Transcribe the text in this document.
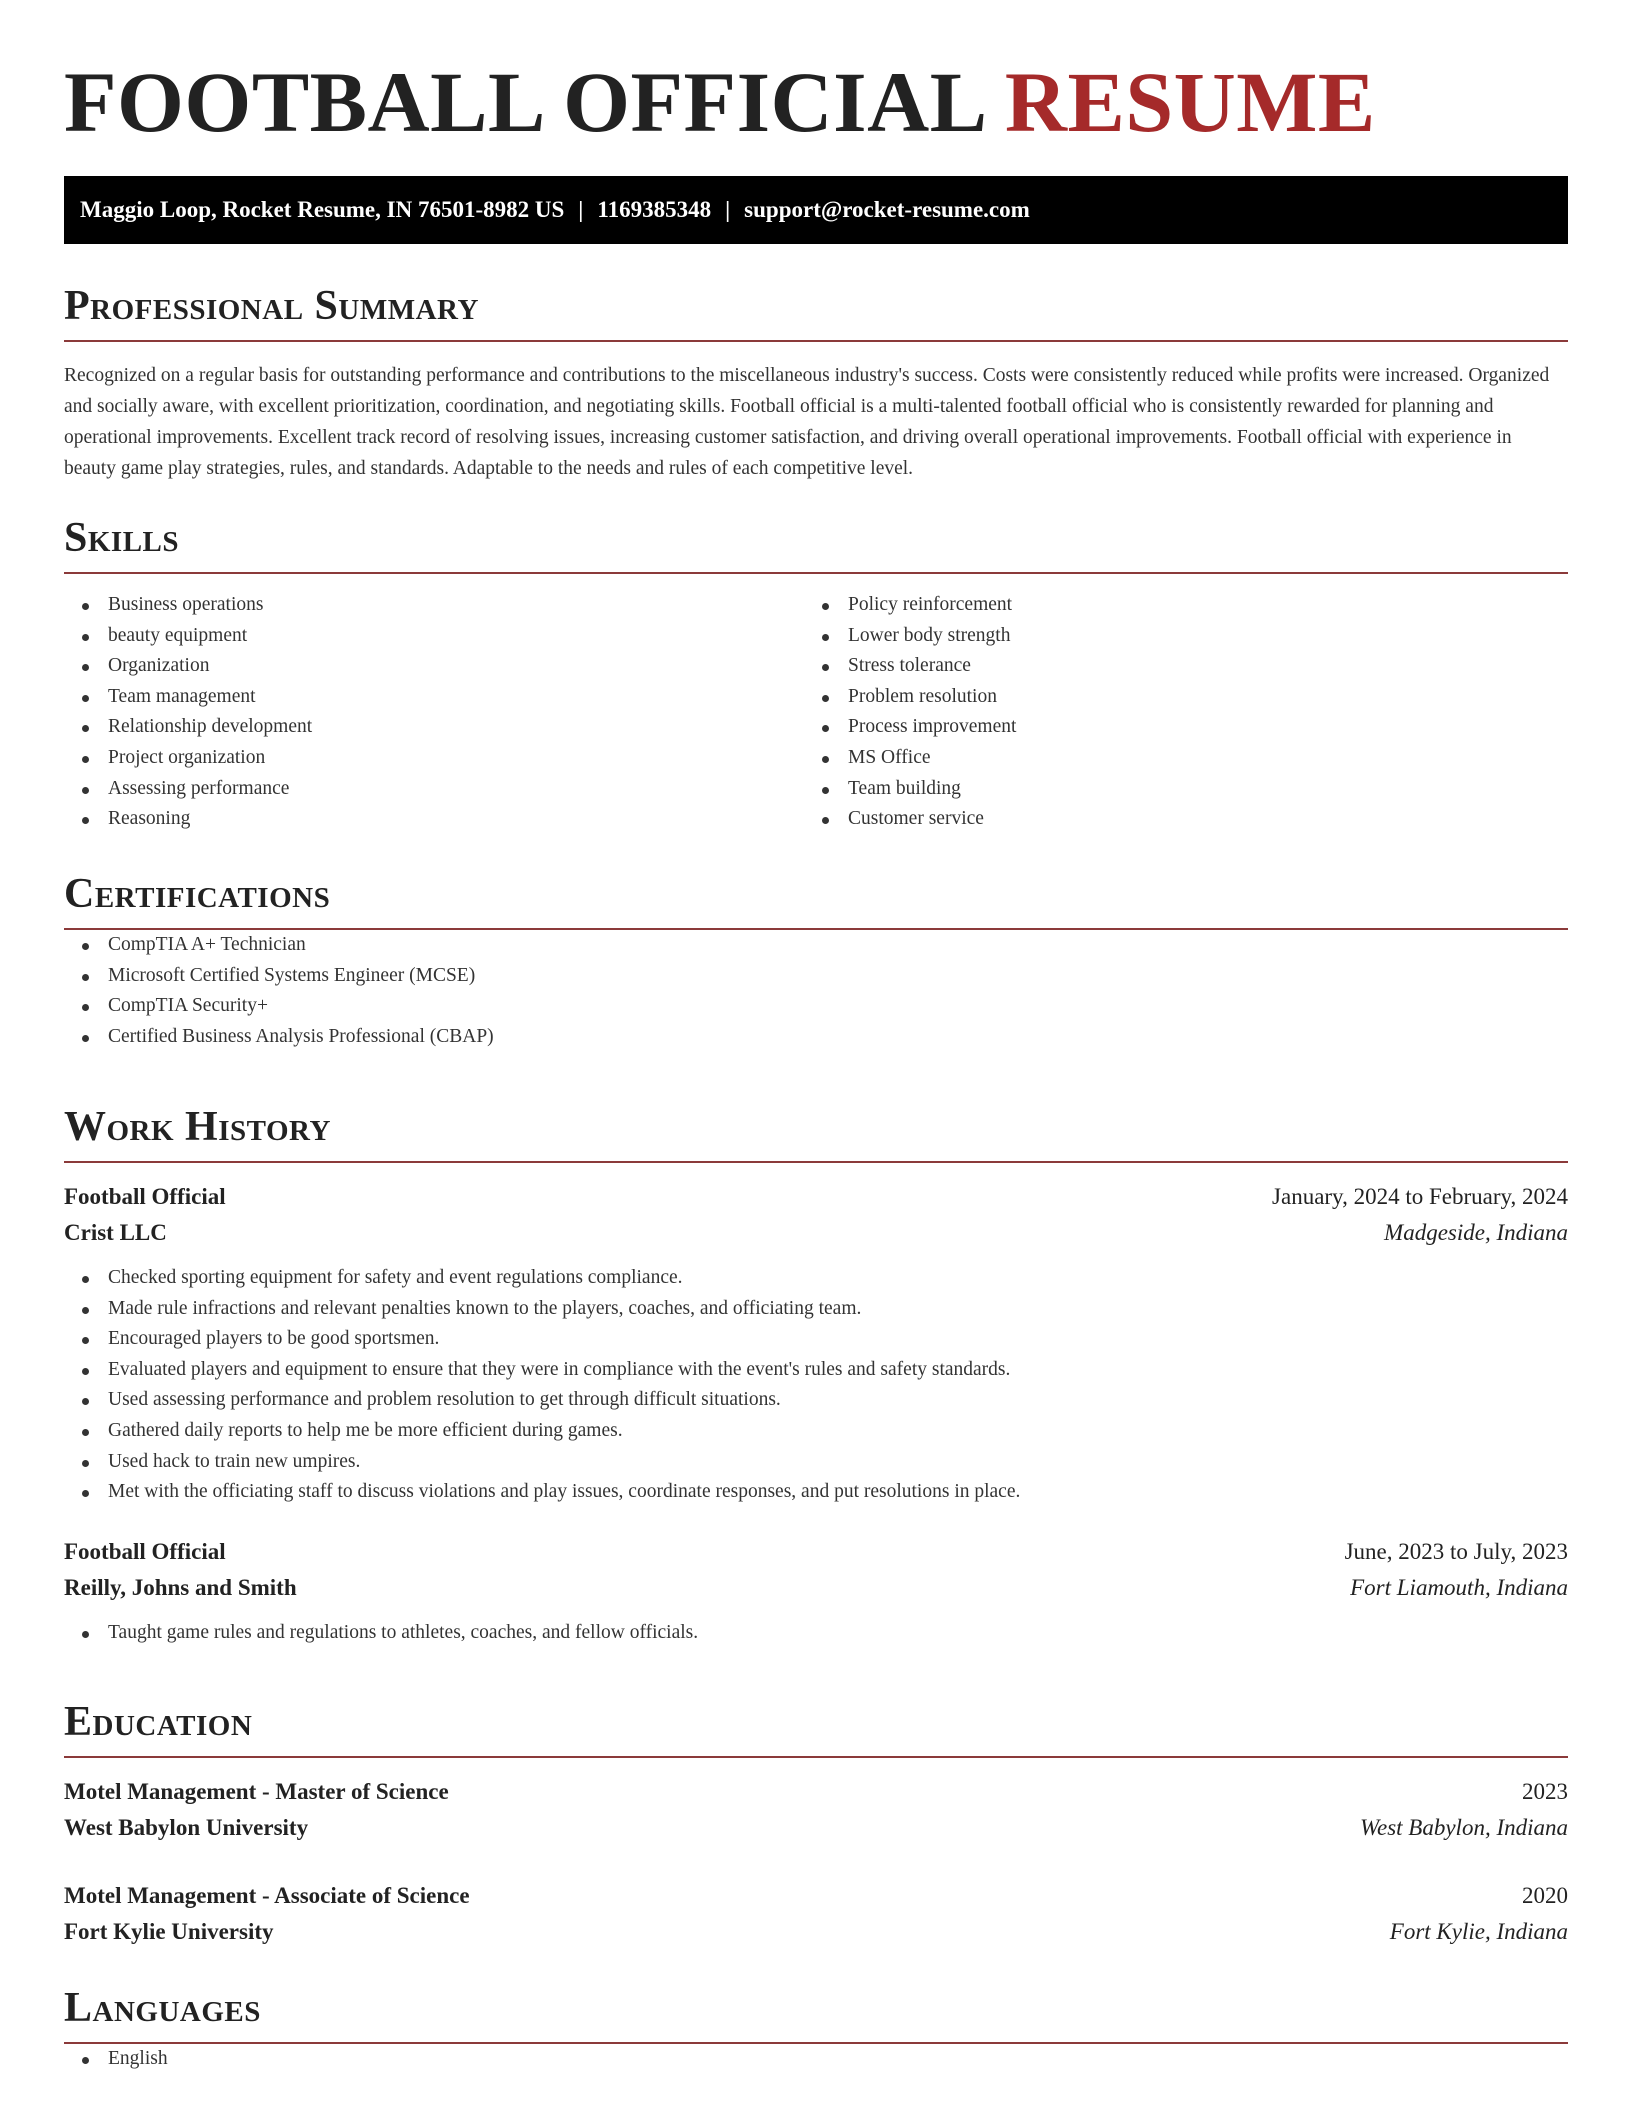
FOOTBALL OFFICIAL RESUME
Maggio Loop, Rocket Resume, IN 76501-8982 US | 1169385348 | support@rocket-resume.com
Professional Summary

Recognized on a regular basis for outstanding performance and contributions to the miscellaneous industry's success. Costs were consistently reduced while profits were increased. Organized and socially aware, with excellent prioritization, coordination, and negotiating skills. Football official is a multi-talented football official who is consistently rewarded for planning and operational improvements. Excellent track record of resolving issues, increasing customer satisfaction, and driving overall operational improvements. Football official with experience in beauty game play strategies, rules, and standards. Adaptable to the needs and rules of each competitive level.

Skills
Business operations
beauty equipment
Organization
Team management
Relationship development
Project organization
Assessing performance
Reasoning
Policy reinforcement
Lower body strength
Stress tolerance
Problem resolution
Process improvement
MS Office
Team building
Customer service
Certifications
CompTIA A+ Technician
Microsoft Certified Systems Engineer (MCSE)
CompTIA Security+
Certified Business Analysis Professional (CBAP)
Work History
Football Official	January, 2024 to February, 2024
Crist LLC	Madgeside, Indiana
Checked sporting equipment for safety and event regulations compliance.
Made rule infractions and relevant penalties known to the players, coaches, and officiating team.
Encouraged players to be good sportsmen.
Evaluated players and equipment to ensure that they were in compliance with the event's rules and safety standards.
Used assessing performance and problem resolution to get through difficult situations.
Gathered daily reports to help me be more efficient during games.
Used hack to train new umpires.
Met with the officiating staff to discuss violations and play issues, coordinate responses, and put resolutions in place.
Football Official	June, 2023 to July, 2023
Reilly, Johns and Smith	Fort Liamouth, Indiana
Taught game rules and regulations to athletes, coaches, and fellow officials.
Education
Motel Management - Master of Science	2023
West Babylon University	West Babylon, Indiana
Motel Management - Associate of Science	2020
Fort Kylie University	Fort Kylie, Indiana
Languages
English
